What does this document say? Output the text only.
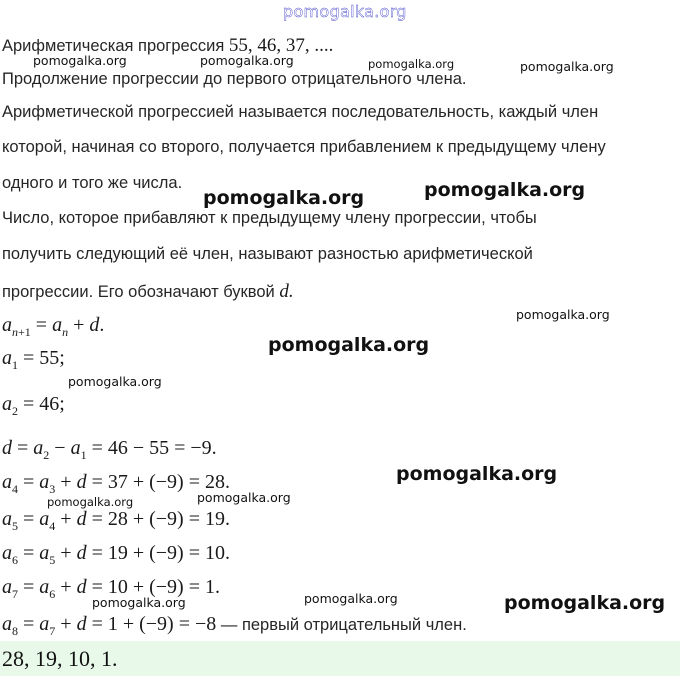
pomogalka.org
Арифметическая прогрессия 55, 46, 37, ....
Продолжение прогрессии до первого отрицательного члена.
pomogalka.org	pomogalka.org	pomogalka.org	pomogalka.org
Арифметической прогрессией называется последовательность, каждый член
которой, начиная со второго, получается прибавлением к предыдущему члену
одного и того же числа.
pomogalka.org	pomogalka.org
Число, которое прибавляют к предыдущему члену прогрессии, чтобы
получить следующий её член, называют разностью арифметической
прогрессии. Его обозначают буквой d.
$a_{n+1} = a_n + d$.	pomogalka.org
$a_1 = 55$;
pomogalka.org
pomogalka.org
$a_2 = 46$;
$d = a_2 - a_1 = 46 - 55 = -9$.
$a_4 = a_3 + d = 37 + (-9) = 28$.	pomogalka.org
pomogalka.org	pomogalka.org
$a_5 = a_4 + d = 28 + (-9) = 19$.
$a_6 = a_5 + d = 19 + (-9) = 10$.
$a_7 = a_6 + d = 10 + (-9) = 1$.
pomogalka.org	pomogalka.org	pomogalka.org
$a_8 = a_7 + d = 1 + (-9) = -8$ — первый отрицательный член.
28, 19, 10, 1.
